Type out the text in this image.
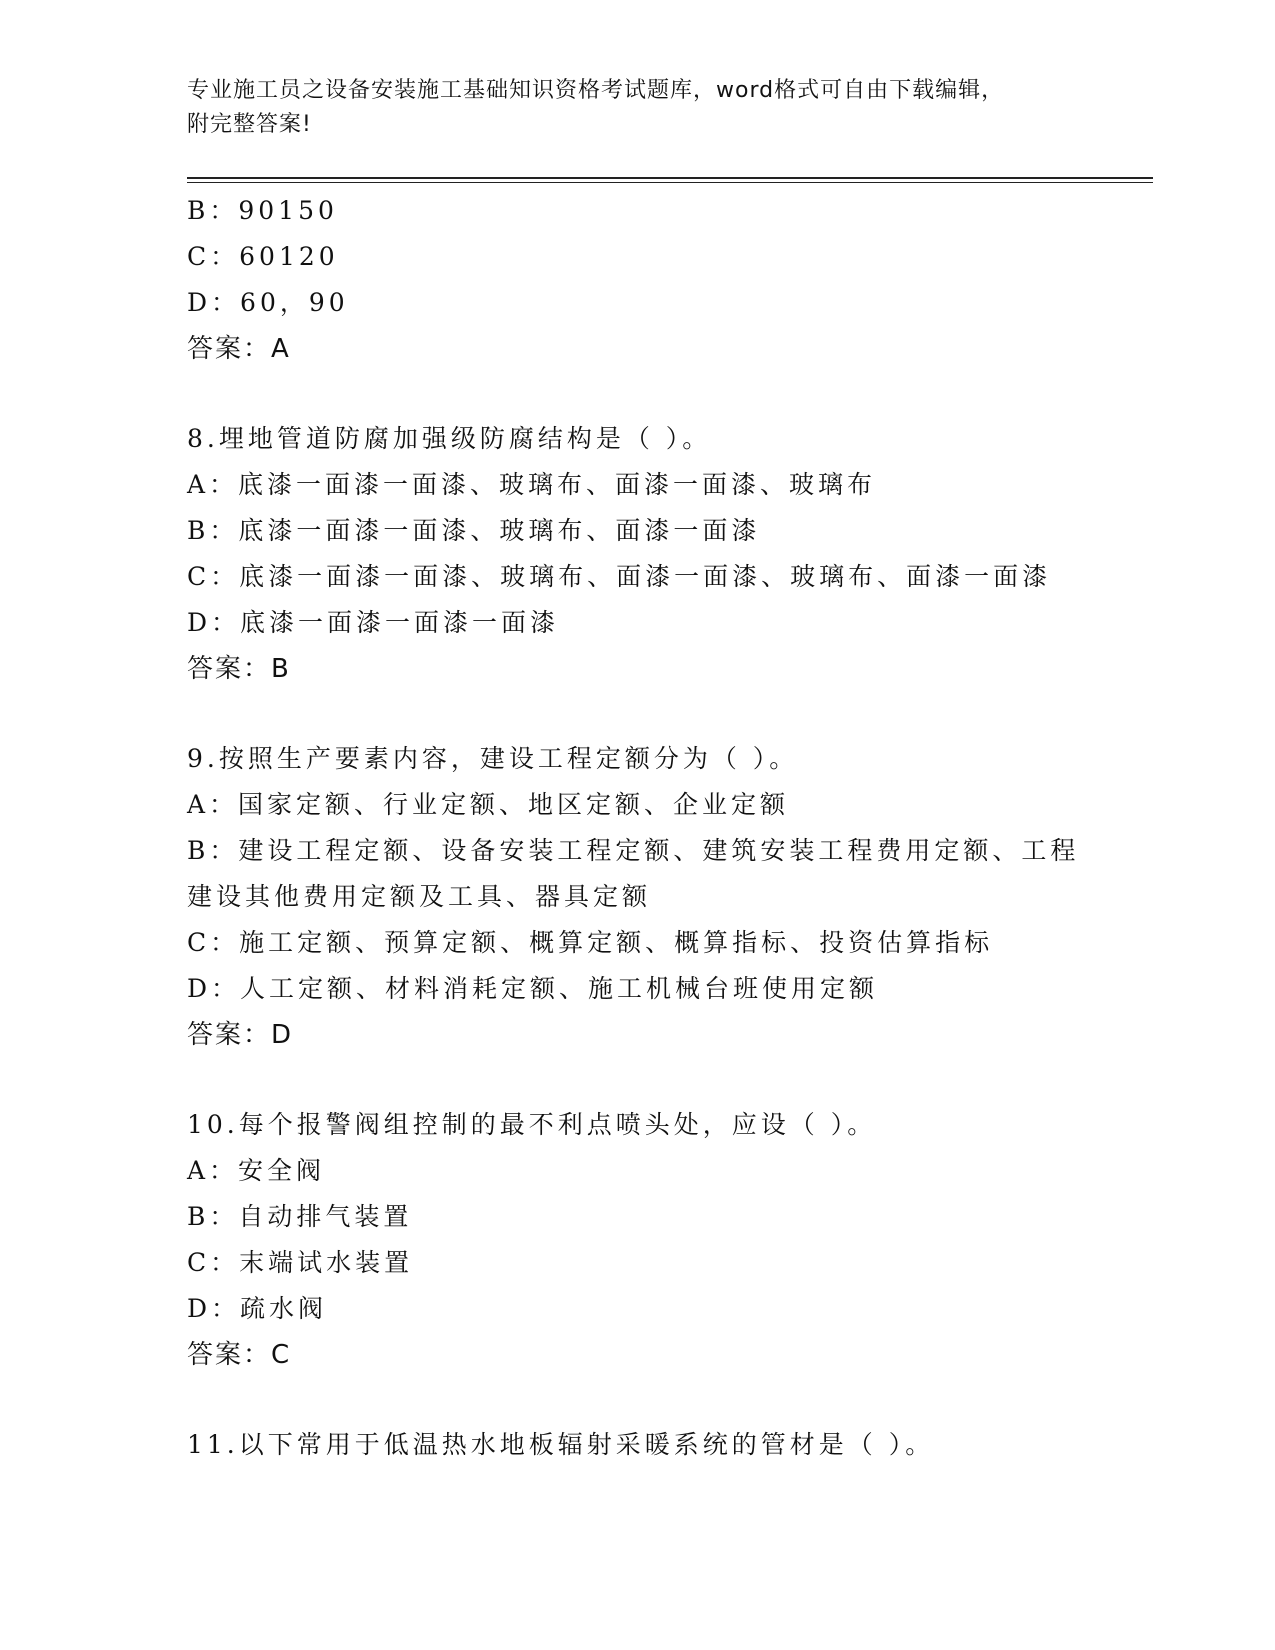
专业施工员之设备安装施工基础知识资格考试题库，word格式可自由下载编辑，
附完整答案!
B：90150
C：60120
D：60，90
答案：A
8.埋地管道防腐加强级防腐结构是（ ）。
A：底漆一面漆一面漆、玻璃布、面漆一面漆、玻璃布
B：底漆一面漆一面漆、玻璃布、面漆一面漆
C：底漆一面漆一面漆、玻璃布、面漆一面漆、玻璃布、面漆一面漆
D：底漆一面漆一面漆一面漆
答案：B
9.按照生产要素内容，建设工程定额分为（ ）。
A：国家定额、行业定额、地区定额、企业定额
B：建设工程定额、设备安装工程定额、建筑安装工程费用定额、工程
建设其他费用定额及工具、器具定额
C：施工定额、预算定额、概算定额、概算指标、投资估算指标
D：人工定额、材料消耗定额、施工机械台班使用定额
答案：D
10.每个报警阀组控制的最不利点喷头处，应设（ ）。
A：安全阀
B：自动排气装置
C：末端试水装置
D：疏水阀
答案：C
11.以下常用于低温热水地板辐射采暖系统的管材是（ ）。
